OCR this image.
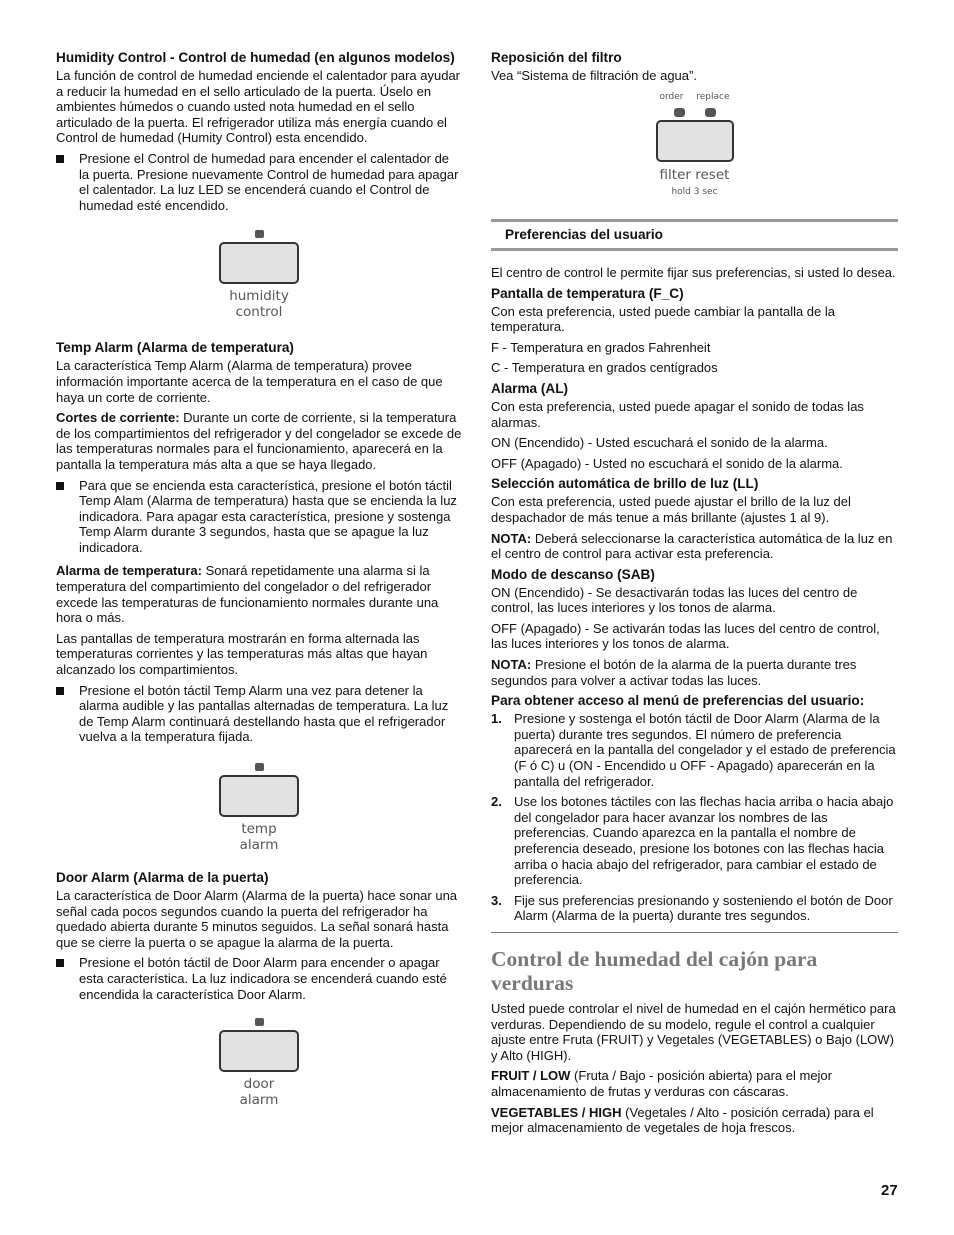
Humidity Control - Control de humedad (en algunos modelos)

La función de control de humedad enciende el calentador para ayudar a reducir la humedad en el sello articulado de la puerta. Úselo en ambientes húmedos o cuando usted nota humedad en el sello articulado de la puerta. El refrigerador utiliza más energía cuando el Control de humedad (Humity Control) esta encendido.

Presione el Control de humedad para encender el calentador de la puerta. Presione nuevamente Control de humedad para apagar el calentador. La luz LED se encenderá cuando el Control de humedad esté encendido.
humidity
control
Temp Alarm (Alarma de temperatura)

La característica Temp Alarm (Alarma de temperatura) provee información importante acerca de la temperatura en el caso de que haya un corte de corriente.

Cortes de corriente: Durante un corte de corriente, si la temperatura de los compartimientos del refrigerador y del congelador se excede de las temperaturas normales para el funcionamiento, aparecerá en la pantalla la temperatura más alta a que se haya llegado.

Para que se encienda esta característica, presione el botón táctil Temp Alam (Alarma de temperatura) hasta que se encienda la luz indicadora. Para apagar esta característica, presione y sostenga Temp Alarm durante 3 segundos, hasta que se apague la luz indicadora.

Alarma de temperatura: Sonará repetidamente una alarma si la temperatura del compartimiento del congelador o del refrigerador excede las temperaturas de funcionamiento normales durante una hora o más.

Las pantallas de temperatura mostrarán en forma alternada las temperaturas corrientes y las temperaturas más altas que hayan alcanzado los compartimientos.

Presione el botón táctil Temp Alarm una vez para detener la alarma audible y las pantallas alternadas de temperatura. La luz de Temp Alarm continuará destellando hasta que el refrigerador vuelva a la temperatura fijada.
temp
alarm
Door Alarm (Alarma de la puerta)

La característica de Door Alarm (Alarma de la puerta) hace sonar una señal cada pocos segundos cuando la puerta del refrigerador ha quedado abierta durante 5 minutos seguidos. La señal sonará hasta que se cierre la puerta o se apague la alarma de la puerta.

Presione el botón táctil de Door Alarm para encender o apagar esta característica. La luz indicadora se encenderá cuando esté encendida la característica Door Alarm.
door
alarm
Reposición del filtro

Vea “Sistema de filtración de agua”.

order replace
filter reset
hold 3 sec
Preferencias del usuario

El centro de control le permite fijar sus preferencias, si usted lo desea.

Pantalla de temperatura (F_C)

Con esta preferencia, usted puede cambiar la pantalla de la temperatura.

F - Temperatura en grados Fahrenheit

C - Temperatura en grados centígrados

Alarma (AL)

Con esta preferencia, usted puede apagar el sonido de todas las alarmas.

ON (Encendido) - Usted escuchará el sonido de la alarma.

OFF (Apagado) - Usted no escuchará el sonido de la alarma.

Selección automática de brillo de luz (LL)

Con esta preferencia, usted puede ajustar el brillo de la luz del despachador de más tenue a más brillante (ajustes 1 al 9).

NOTA: Deberá seleccionarse la característica automática de la luz en el centro de control para activar esta preferencia.

Modo de descanso (SAB)

ON (Encendido) - Se desactivarán todas las luces del centro de control, las luces interiores y los tonos de alarma.

OFF (Apagado) - Se activarán todas las luces del centro de control, las luces interiores y los tonos de alarma.

NOTA: Presione el botón de la alarma de la puerta durante tres segundos para volver a activar todas las luces.

Para obtener acceso al menú de preferencias del usuario:
1. Presione y sostenga el botón táctil de Door Alarm (Alarma de la puerta) durante tres segundos. El número de preferencia aparecerá en la pantalla del congelador y el estado de preferencia (F ó C) u (ON - Encendido u OFF - Apagado) aparecerán en la pantalla del refrigerador.
2. Use los botones táctiles con las flechas hacia arriba o hacia abajo del congelador para hacer avanzar los nombres de las preferencias. Cuando aparezca en la pantalla el nombre de preferencia deseado, presione los botones con las flechas hacia arriba o hacia abajo del refrigerador, para cambiar el estado de preferencia.
3. Fije sus preferencias presionando y sosteniendo el botón de Door Alarm (Alarma de la puerta) durante tres segundos.
Control de humedad del cajón para verduras

Usted puede controlar el nivel de humedad en el cajón hermético para verduras. Dependiendo de su modelo, regule el control a cualquier ajuste entre Fruta (FRUIT) y Vegetales (VEGETABLES) o Bajo (LOW) y Alto (HIGH).

FRUIT / LOW (Fruta / Bajo - posición abierta) para el mejor almacenamiento de frutas y verduras con cáscaras.

VEGETABLES / HIGH (Vegetales / Alto - posición cerrada) para el mejor almacenamiento de vegetales de hoja frescos.

27
